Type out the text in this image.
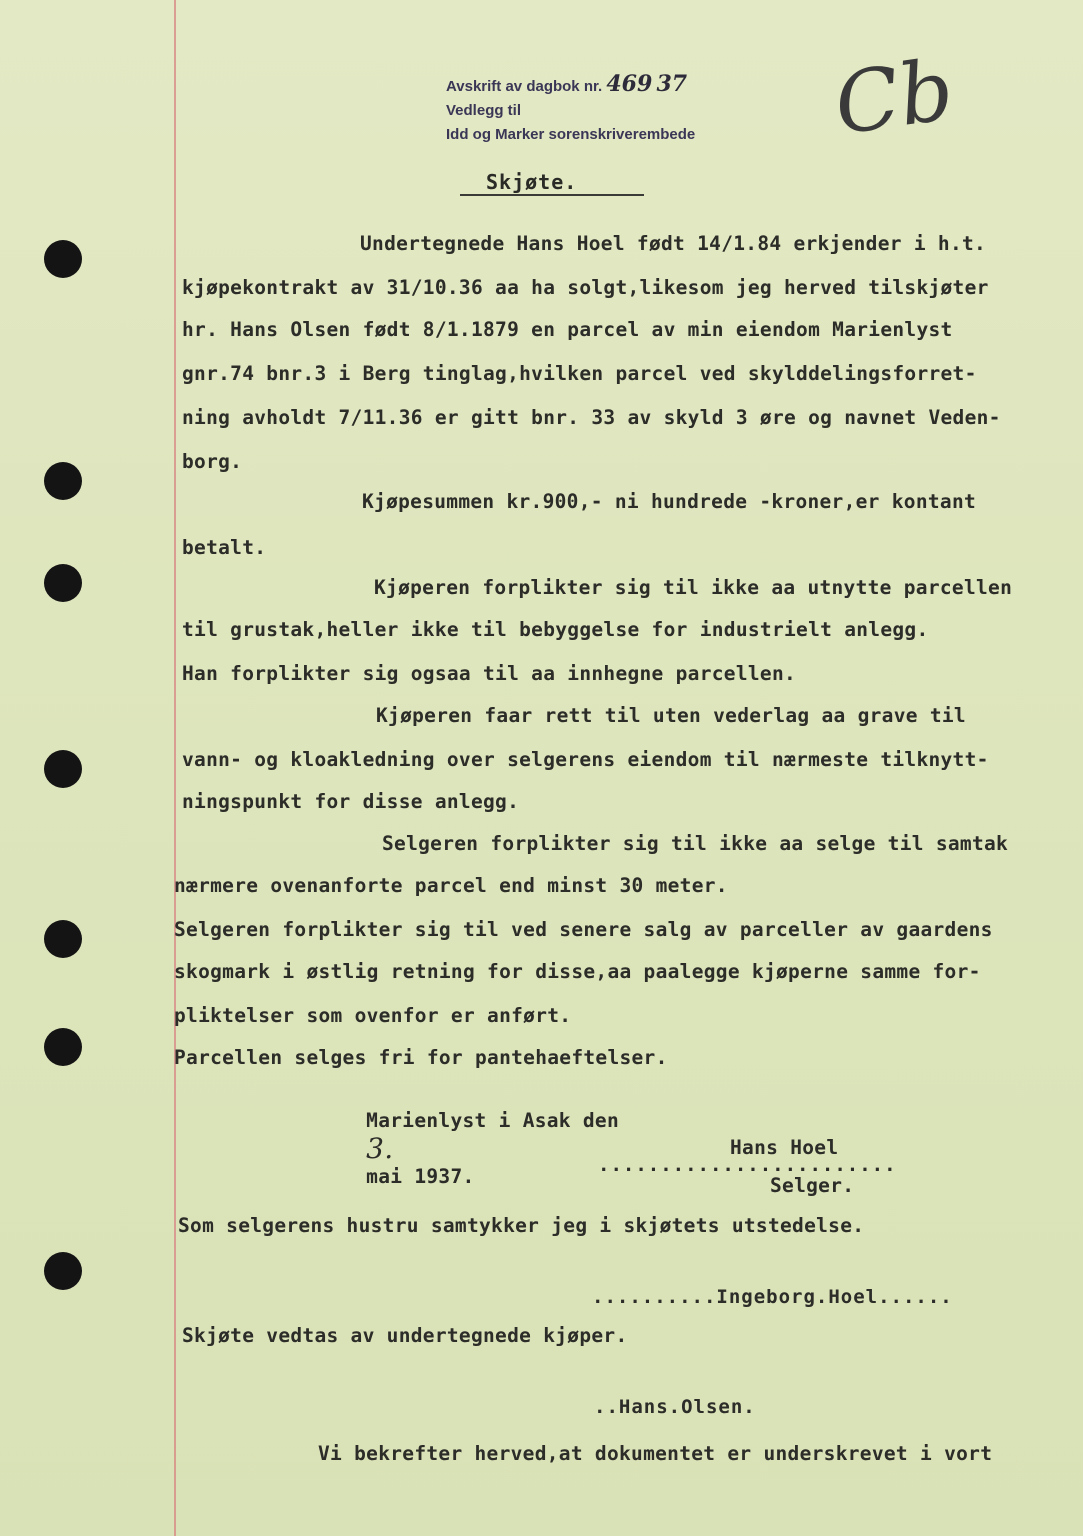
Avskrift av dagbok nr. 469 37
Vedlegg til
Idd og Marker sorenskriverembede Cb
Skjøte.
Undertegnede Hans Hoel født 14/1.84 erkjender i h.t.
kjøpekontrakt av 31/10.36 aa ha solgt,likesom jeg herved tilskjøter
hr. Hans Olsen født 8/1.1879 en parcel av min eiendom Marienlyst
gnr.74 bnr.3 i Berg tinglag,hvilken parcel ved skylddelingsforret-
ning avholdt 7/11.36 er gitt bnr. 33 av skyld 3 øre og navnet Veden-
borg.
Kjøpesummen kr.900,- ni hundrede -kroner,er kontant
betalt.
Kjøperen forplikter sig til ikke aa utnytte parcellen
til grustak,heller ikke til bebyggelse for industrielt anlegg.
Han forplikter sig ogsaa til aa innhegne parcellen.
Kjøperen faar rett til uten vederlag aa grave til
vann- og kloakledning over selgerens eiendom til nærmeste tilknytt-
ningspunkt for disse anlegg.
Selgeren forplikter sig til ikke aa selge til samtak
nærmere ovenanforte parcel end minst 30 meter.
Selgeren forplikter sig til ved senere salg av parceller av gaardens
skogmark i østlig retning for disse,aa paalegge kjøperne samme for-
pliktelser som ovenfor er anført.
Parcellen selges fri for pantehaeftelser.

Marienlyst i Asak den
3.
mai 1937.

Hans Hoel
........................
Selger.
Som selgerens hustru samtykker jeg i skjøtets utstedelse.
..........Ingeborg.Hoel......
Skjøte vedtas av undertegnede kjøper.
..Hans.Olsen.
Vi bekrefter herved,at dokumentet er underskrevet i vort
